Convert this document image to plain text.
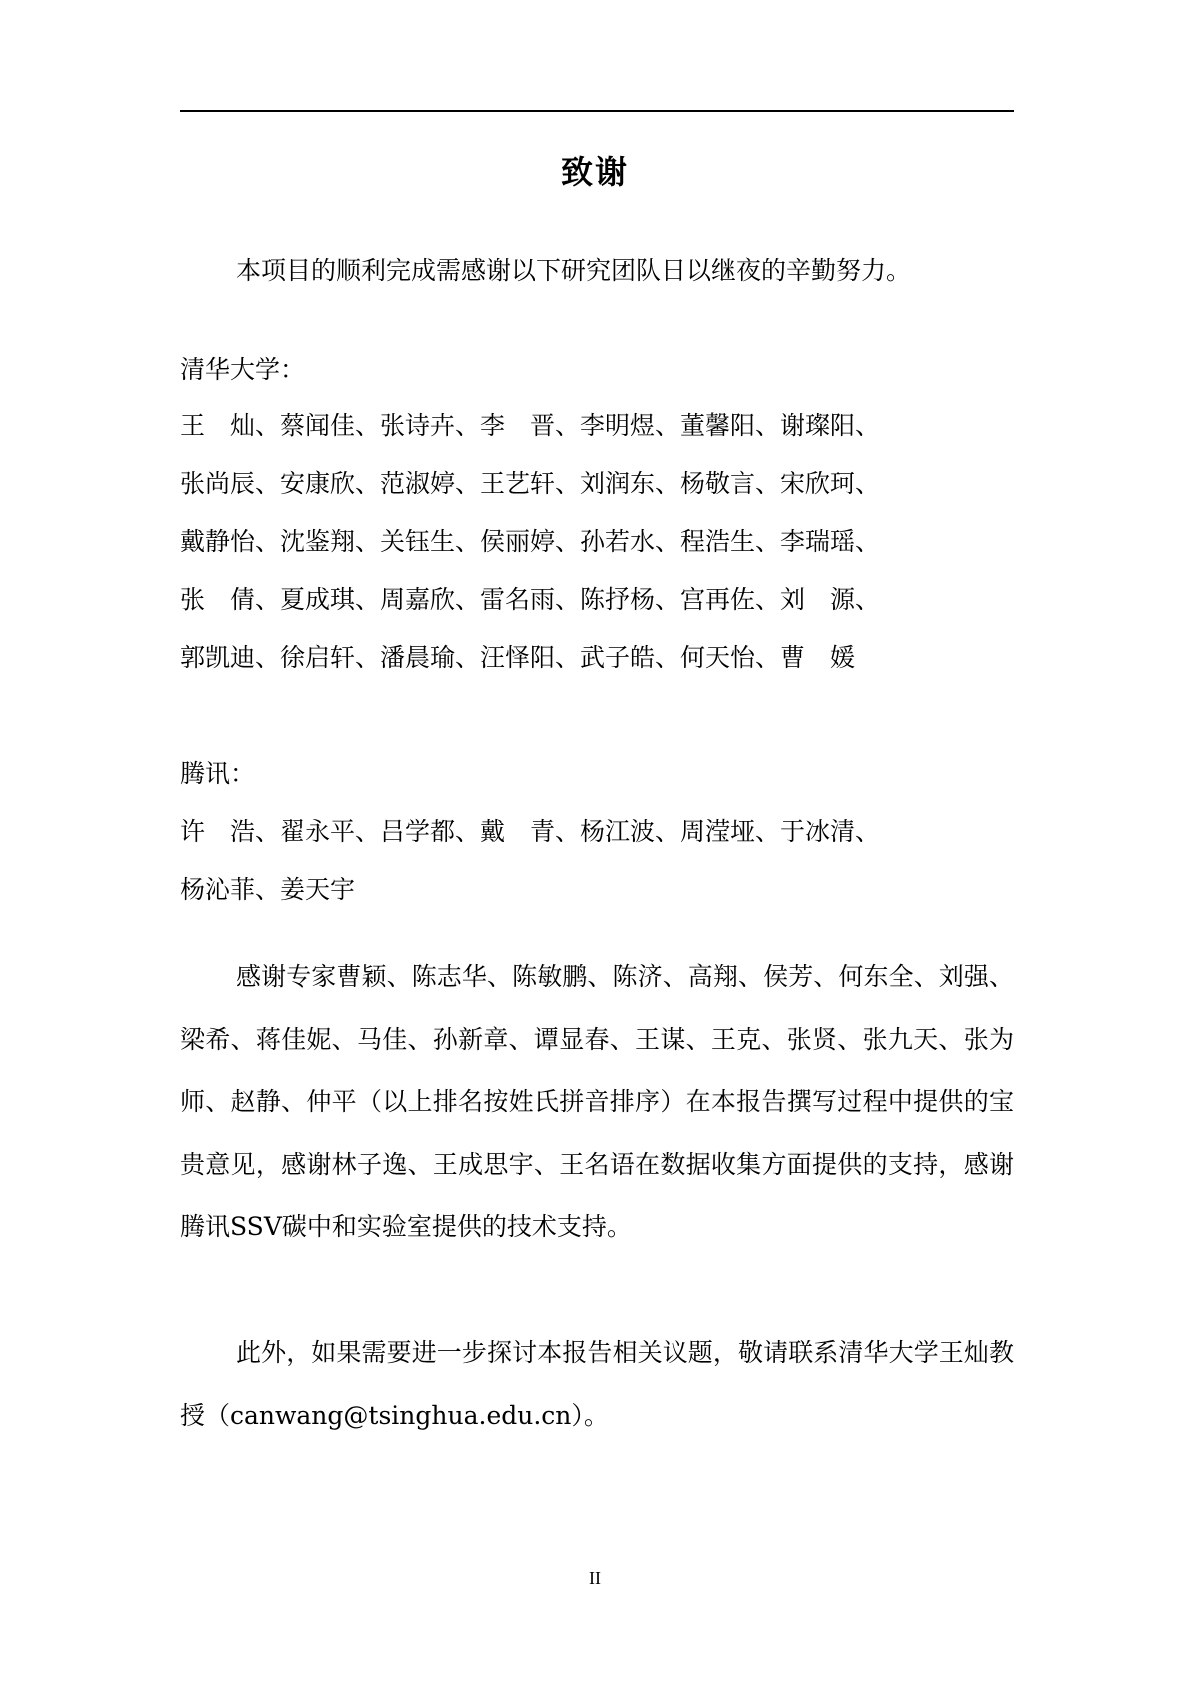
致谢
本项目的顺利完成需感谢以下研究团队日以继夜的辛勤努力。
清华大学：
王　灿、蔡闻佳、张诗卉、李　晋、李明煜、董馨阳、谢璨阳、
张尚辰、安康欣、范淑婷、王艺轩、刘润东、杨敬言、宋欣珂、
戴静怡、沈鉴翔、关钰生、侯丽婷、孙若水、程浩生、李瑞瑶、
张　倩、夏成琪、周嘉欣、雷名雨、陈抒杨、宫再佐、刘　源、
郭凯迪、徐启轩、潘晨瑜、汪怿阳、武子皓、何天怡、曹　媛
腾讯：
许　浩、翟永平、吕学都、戴　青、杨江波、周滢垭、于冰清、
杨沁菲、姜天宇
感谢专家曹颖、陈志华、陈敏鹏、陈济、高翔、侯芳、何东全、刘强、梁希、蒋佳妮、马佳、孙新章、谭显春、王谋、王克、张贤、张九天、张为师、赵静、仲平（以上排名按姓氏拼音排序）在本报告撰写过程中提供的宝贵意见，感谢林子逸、王成思宇、王名语在数据收集方面提供的支持，感谢腾讯SSV碳中和实验室提供的技术支持。
此外，如果需要进一步探讨本报告相关议题，敬请联系清华大学王灿教授（canwang@tsinghua.edu.cn）。
II
